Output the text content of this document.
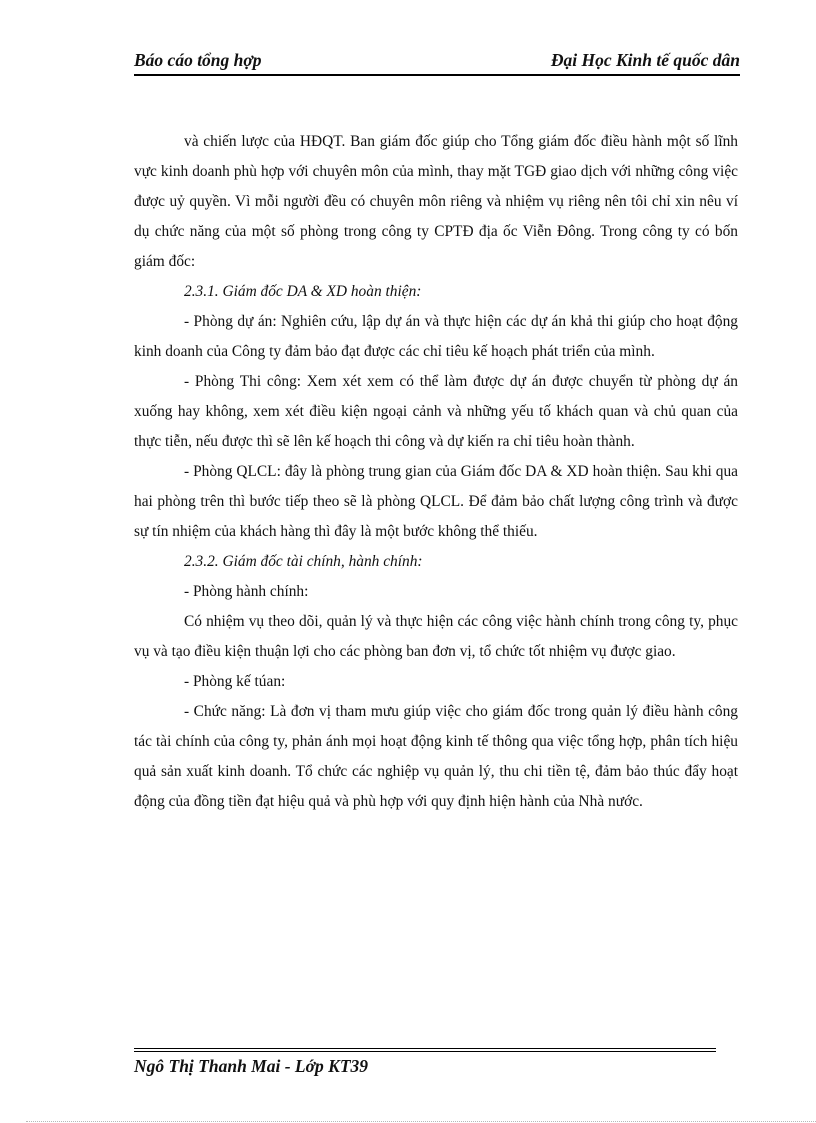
Báo cáo tổng hợp	Đại Học Kinh tế quốc dân

và chiến lược của HĐQT. Ban giám đốc giúp cho Tổng giám đốc điều hành một số lĩnh vực kinh doanh phù hợp với chuyên môn của mình, thay mặt TGĐ giao dịch với những công việc được uỷ quyền. Vì mỗi người đều có chuyên môn riêng và nhiệm vụ riêng nên tôi chỉ xin nêu ví dụ chức năng của một số phòng trong công ty CPTĐ địa ốc Viễn Đông. Trong công ty có bốn giám đốc:

2.3.1. Giám đốc DA & XD hoàn thiện:

- Phòng dự án: Nghiên cứu, lập dự án và thực hiện các dự án khả thi giúp cho hoạt động kinh doanh của Công ty đảm bảo đạt được các chỉ tiêu kế hoạch phát triển của mình.

- Phòng Thi công: Xem xét xem có thể làm được dự án được chuyển từ phòng dự án xuống hay không, xem xét điều kiện ngoại cảnh và những yếu tố khách quan và chủ quan của thực tiễn, nếu được thì sẽ lên kế hoạch thi công và dự kiến ra chỉ tiêu hoàn thành.

- Phòng QLCL: đây là phòng trung gian của Giám đốc DA & XD hoàn thiện. Sau khi qua hai phòng trên thì bước tiếp theo sẽ là phòng QLCL. Để đảm bảo chất lượng công trình và được sự tín nhiệm của khách hàng thì đây là một bước không thể thiếu.

2.3.2. Giám đốc tài chính, hành chính:

- Phòng hành chính:

Có nhiệm vụ theo dõi, quản lý và thực hiện các công việc hành chính trong công ty, phục vụ và tạo điều kiện thuận lợi cho các phòng ban đơn vị, tổ chức tốt nhiệm vụ được giao.

- Phòng kế túan:

- Chức năng: Là đơn vị tham mưu giúp việc cho giám đốc trong quản lý điều hành công tác tài chính của công ty, phản ánh mọi hoạt động kinh tế thông qua việc tổng hợp, phân tích hiệu quả sản xuất kinh doanh. Tổ chức các nghiệp vụ quản lý, thu chi tiền tệ, đảm bảo thúc đẩy hoạt động của đồng tiền đạt hiệu quả và phù hợp với quy định hiện hành của Nhà nước.

Ngô Thị Thanh Mai - Lớp KT39
